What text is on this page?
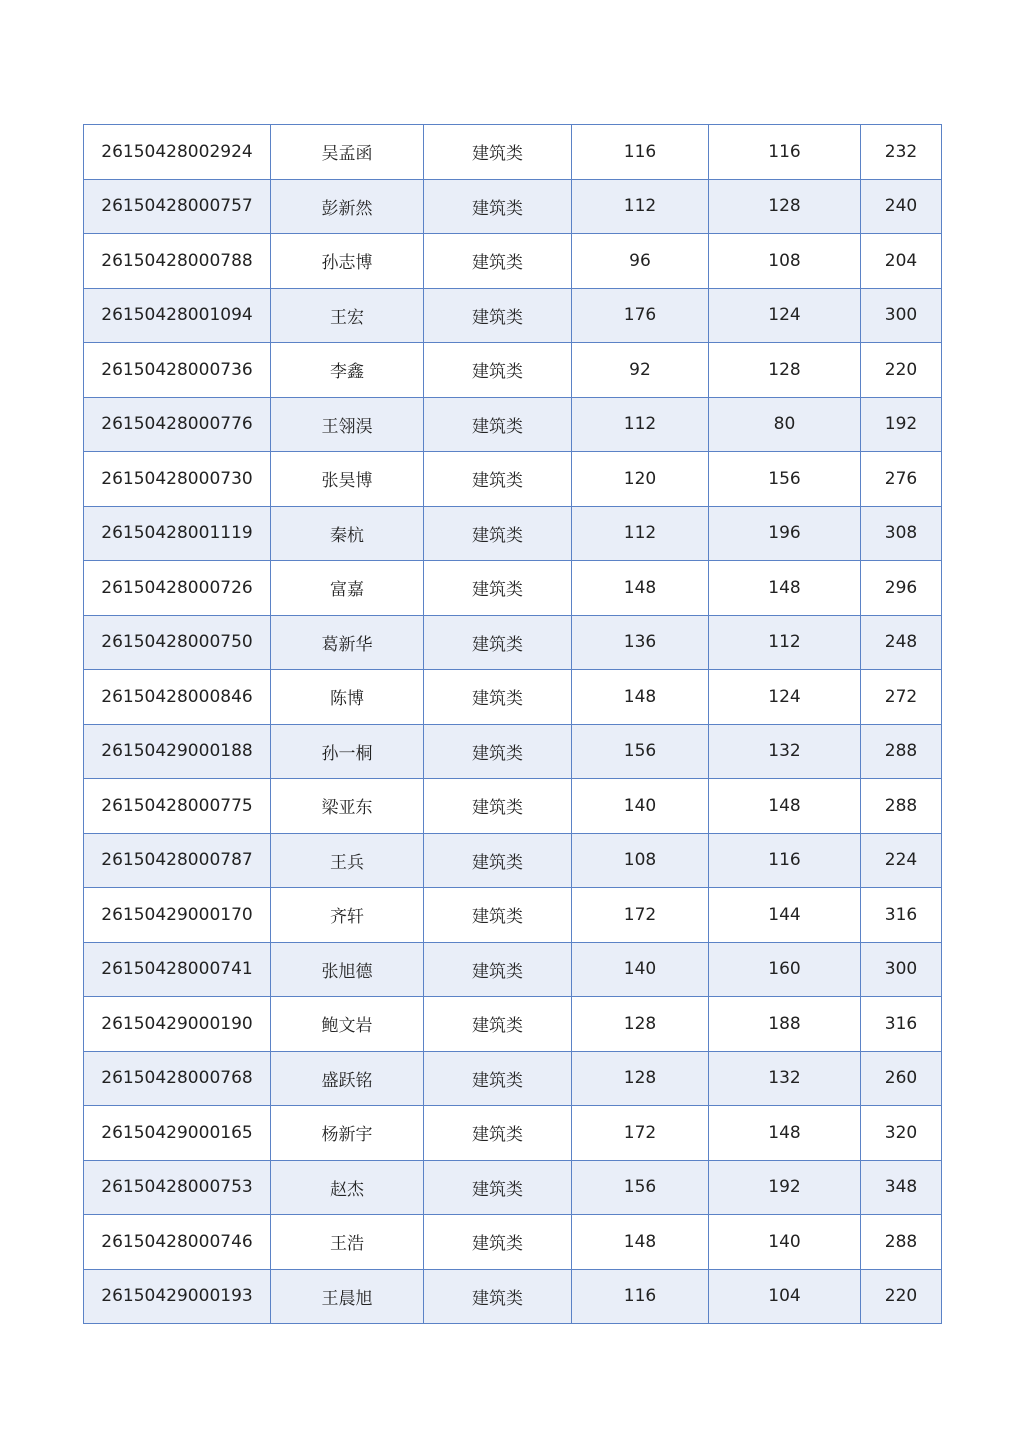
26150428002924	吴孟函	建筑类	116	116	232
26150428000757	彭新然	建筑类	112	128	240
26150428000788	孙志博	建筑类	96	108	204
26150428001094	王宏	建筑类	176	124	300
26150428000736	李鑫	建筑类	92	128	220
26150428000776	王翎淏	建筑类	112	80	192
26150428000730	张昊博	建筑类	120	156	276
26150428001119	秦杭	建筑类	112	196	308
26150428000726	富嘉	建筑类	148	148	296
26150428000750	葛新华	建筑类	136	112	248
26150428000846	陈博	建筑类	148	124	272
26150429000188	孙一桐	建筑类	156	132	288
26150428000775	梁亚东	建筑类	140	148	288
26150428000787	王兵	建筑类	108	116	224
26150429000170	齐轩	建筑类	172	144	316
26150428000741	张旭德	建筑类	140	160	300
26150429000190	鲍文岩	建筑类	128	188	316
26150428000768	盛跃铭	建筑类	128	132	260
26150429000165	杨新宇	建筑类	172	148	320
26150428000753	赵杰	建筑类	156	192	348
26150428000746	王浩	建筑类	148	140	288
26150429000193	王晨旭	建筑类	116	104	220
